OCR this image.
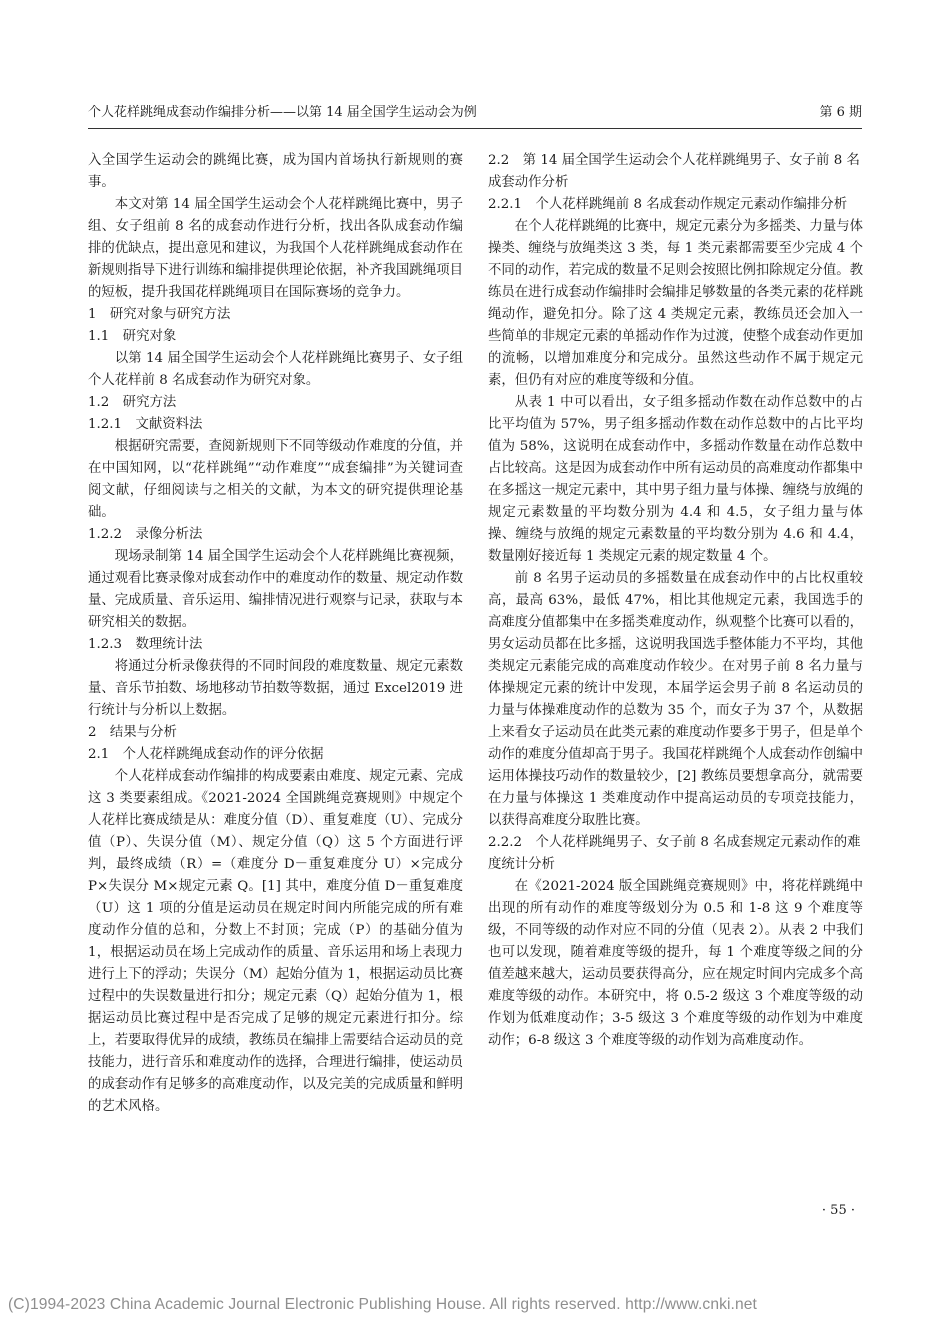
个人花样跳绳成套动作编排分析——以第 14 届全国学生运动会为例	第 6 期

入全国学生运动会的跳绳比赛，成为国内首场执行新规则的赛事。

本文对第 14 届全国学生运动会个人花样跳绳比赛中，男子组、女子组前 8 名的成套动作进行分析，找出各队成套动作编排的优缺点，提出意见和建议，为我国个人花样跳绳成套动作在新规则指导下进行训练和编排提供理论依据，补齐我国跳绳项目的短板，提升我国花样跳绳项目在国际赛场的竞争力。

1　研究对象与研究方法

1.1　研究对象

以第 14 届全国学生运动会个人花样跳绳比赛男子、女子组个人花样前 8 名成套动作为研究对象。

1.2　研究方法

1.2.1　文献资料法

根据研究需要，查阅新规则下不同等级动作难度的分值，并在中国知网，以“花样跳绳”“动作难度”“成套编排”为关键词查阅文献，仔细阅读与之相关的文献，为本文的研究提供理论基础。

1.2.2　录像分析法

现场录制第 14 届全国学生运动会个人花样跳绳比赛视频，通过观看比赛录像对成套动作中的难度动作的数量、规定动作数量、完成质量、音乐运用、编排情况进行观察与记录，获取与本研究相关的数据。

1.2.3　数理统计法

将通过分析录像获得的不同时间段的难度数量、规定元素数量、音乐节拍数、场地移动节拍数等数据，通过 Excel2019 进行统计与分析以上数据。

2　结果与分析

2.1　个人花样跳绳成套动作的评分依据

个人花样成套动作编排的构成要素由难度、规定元素、完成这 3 类要素组成。《2021-2024 全国跳绳竞赛规则》中规定个人花样比赛成绩是从：难度分值（D）、重复难度（U）、完成分值（P）、失误分值（M）、规定分值（Q）这 5 个方面进行评判，最终成绩（R）=（难度分 D－重复难度分 U）×完成分 P×失误分 M×规定元素 Q。[1] 其中，难度分值 D－重复难度（U）这 1 项的分值是运动员在规定时间内所能完成的所有难度动作分值的总和，分数上不封顶；完成（P）的基础分值为 1，根据运动员在场上完成动作的质量、音乐运用和场上表现力进行上下的浮动；失误分（M）起始分值为 1，根据运动员比赛过程中的失误数量进行扣分；规定元素（Q）起始分值为 1，根据运动员比赛过程中是否完成了足够的规定元素进行扣分。综上，若要取得优异的成绩，教练员在编排上需要结合运动员的竞技能力，进行音乐和难度动作的选择，合理进行编排，使运动员的成套动作有足够多的高难度动作，以及完美的完成质量和鲜明的艺术风格。

2.2　第 14 届全国学生运动会个人花样跳绳男子、女子前 8 名成套动作分析

2.2.1　个人花样跳绳前 8 名成套动作规定元素动作编排分析

在个人花样跳绳的比赛中，规定元素分为多摇类、力量与体操类、缠绕与放绳类这 3 类，每 1 类元素都需要至少完成 4 个不同的动作，若完成的数量不足则会按照比例扣除规定分值。教练员在进行成套动作编排时会编排足够数量的各类元素的花样跳绳动作，避免扣分。除了这 4 类规定元素，教练员还会加入一些简单的非规定元素的单摇动作作为过渡，使整个成套动作更加的流畅，以增加难度分和完成分。虽然这些动作不属于规定元素，但仍有对应的难度等级和分值。

从表 1 中可以看出，女子组多摇动作数在动作总数中的占比平均值为 57%，男子组多摇动作数在动作总数中的占比平均值为 58%，这说明在成套动作中，多摇动作数量在动作总数中占比较高。这是因为成套动作中所有运动员的高难度动作都集中在多摇这一规定元素中，其中男子组力量与体操、缠绕与放绳的规定元素数量的平均数分别为 4.4 和 4.5，女子组力量与体操、缠绕与放绳的规定元素数量的平均数分别为 4.6 和 4.4，数量刚好接近每 1 类规定元素的规定数量 4 个。

前 8 名男子运动员的多摇数量在成套动作中的占比权重较高，最高 63%，最低 47%，相比其他规定元素，我国选手的高难度分值都集中在多摇类难度动作，纵观整个比赛可以看的，男女运动员都在比多摇，这说明我国选手整体能力不平均，其他类规定元素能完成的高难度动作较少。在对男子前 8 名力量与体操规定元素的统计中发现，本届学运会男子前 8 名运动员的力量与体操难度动作的总数为 35 个，而女子为 37 个，从数据上来看女子运动员在此类元素的难度动作要多于男子，但是单个动作的难度分值却高于男子。我国花样跳绳个人成套动作创编中运用体操技巧动作的数量较少，[2] 教练员要想拿高分，就需要在力量与体操这 1 类难度动作中提高运动员的专项竞技能力，以获得高难度分取胜比赛。

2.2.2　个人花样跳绳男子、女子前 8 名成套规定元素动作的难度统计分析

在《2021-2024 版全国跳绳竞赛规则》中，将花样跳绳中出现的所有动作的难度等级划分为 0.5 和 1-8 这 9 个难度等级，不同等级的动作对应不同的分值（见表 2）。从表 2 中我们也可以发现，随着难度等级的提升，每 1 个难度等级之间的分值差越来越大，运动员要获得高分，应在规定时间内完成多个高难度等级的动作。本研究中，将 0.5-2 级这 3 个难度等级的动作划为低难度动作；3-5 级这 3 个难度等级的动作划为中难度动作；6-8 级这 3 个难度等级的动作划为高难度动作。

· 55 ·
(C)1994-2023 China Academic Journal Electronic Publishing House. All rights reserved. http://www.cnki.net
